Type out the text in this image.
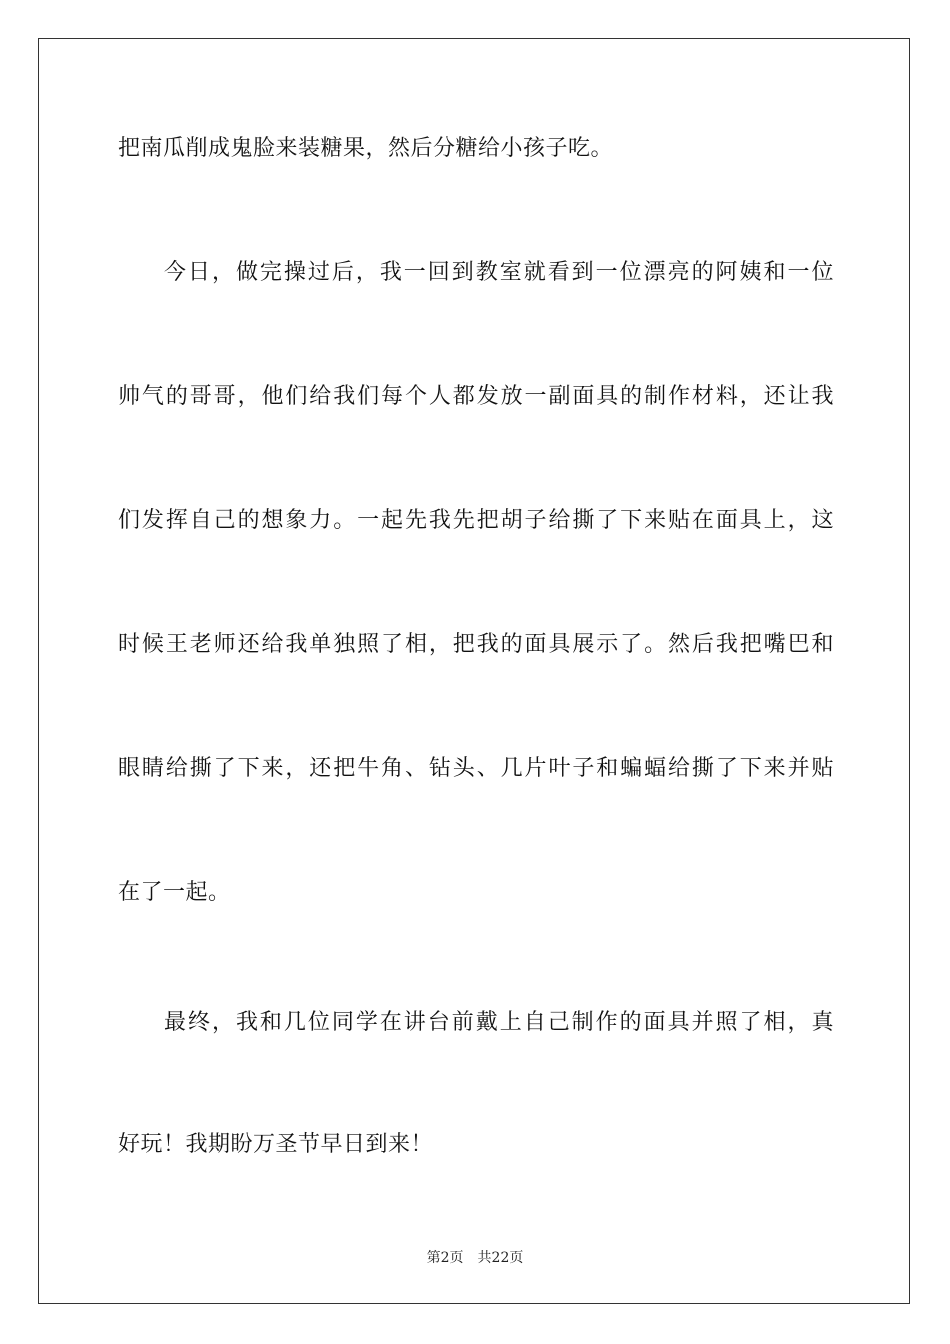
把南瓜削成鬼脸来装糖果，然后分糖给小孩子吃。
今日，做完操过后，我一回到教室就看到一位漂亮的阿姨和一位
帅气的哥哥，他们给我们每个人都发放一副面具的制作材料，还让我
们发挥自己的想象力。一起先我先把胡子给撕了下来贴在面具上，这
时候王老师还给我单独照了相，把我的面具展示了。然后我把嘴巴和
眼睛给撕了下来，还把牛角、钻头、几片叶子和蝙蝠给撕了下来并贴
在了一起。
最终，我和几位同学在讲台前戴上自己制作的面具并照了相，真
好玩！我期盼万圣节早日到来！
第2页 共22页
